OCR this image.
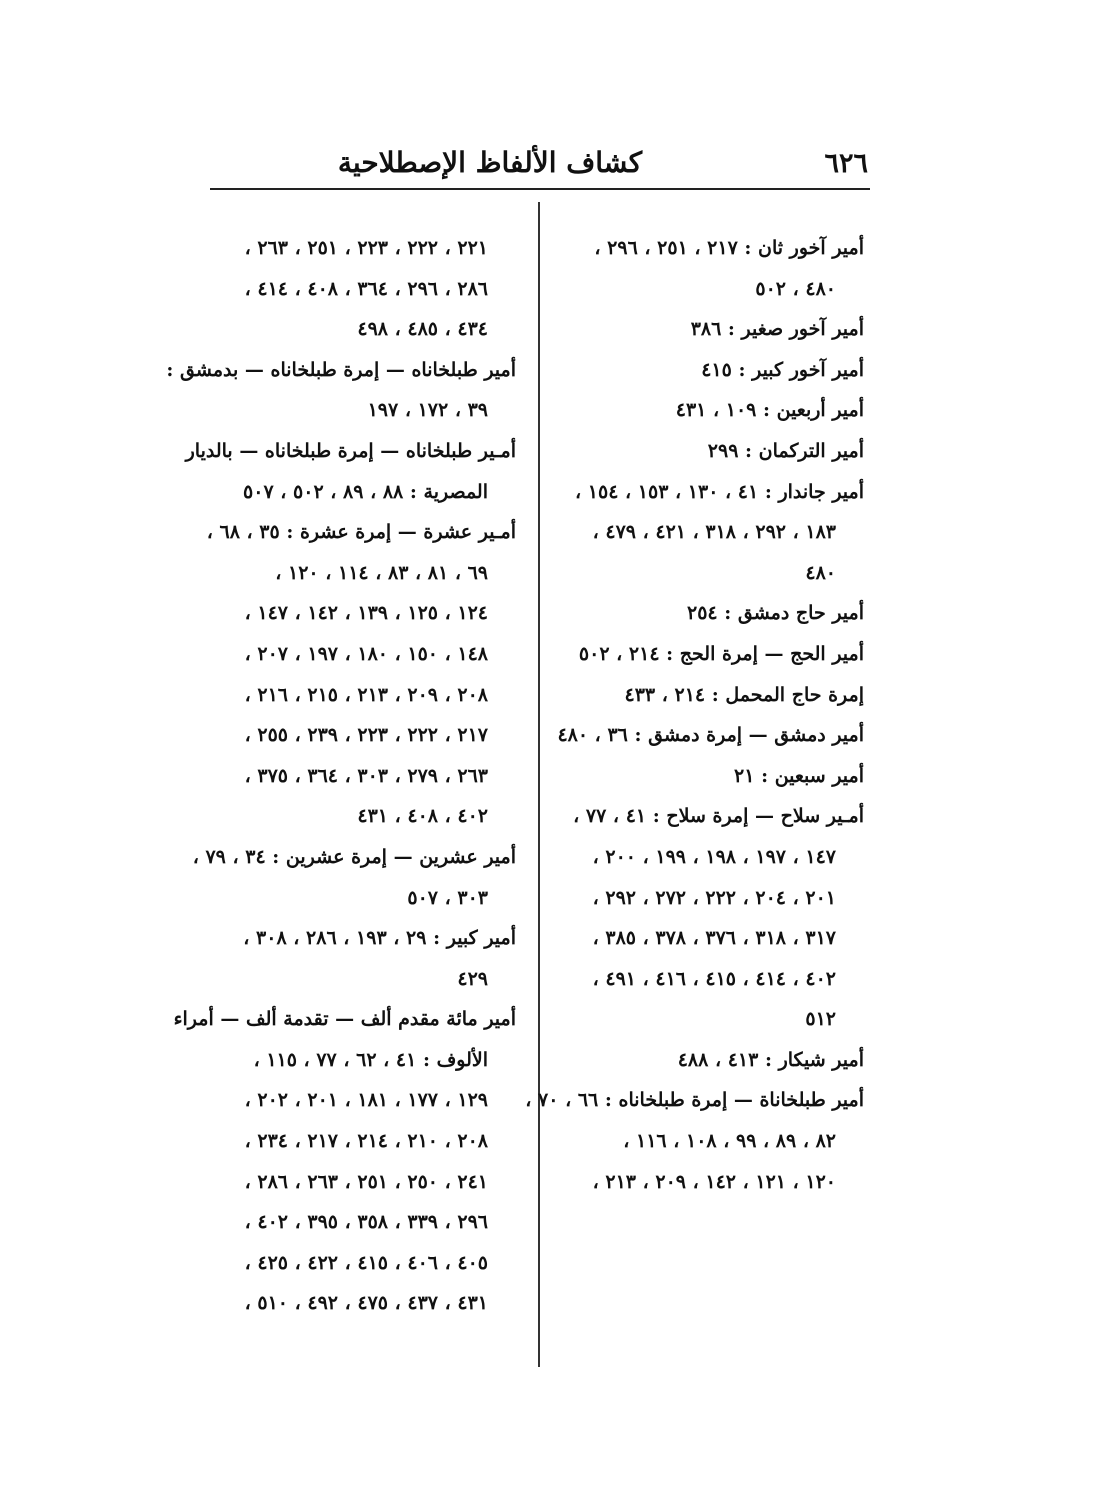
كشاف الألفاظ الإصطلاحية	٦٢٦
أمير آخور ثان : ٢١٧ ، ٢٥١ ، ٢٩٦ ،
٤٨٠ ، ٥٠٢
أمير آخور صغير : ٣٨٦
أمير آخور كبير : ٤١٥
أمير أربعين : ١٠٩ ، ٤٣١
أمير التركمان : ٢٩٩
أمير جاندار : ٤١ ، ١٣٠ ، ١٥٣ ، ١٥٤ ،
١٨٣ ، ٢٩٢ ، ٣١٨ ، ٤٢١ ، ٤٧٩ ،
٤٨٠
أمير حاج دمشق : ٢٥٤
أمير الحج — إمرة الحج : ٢١٤ ، ٥٠٢
إمرة حاج المحمل : ٢١٤ ، ٤٣٣
أمير دمشق — إمرة دمشق : ٣٦ ، ٤٨٠
أمير سبعين : ٢١
أمـير سلاح — إمرة سلاح : ٤١ ، ٧٧ ،
١٤٧ ، ١٩٧ ، ١٩٨ ، ١٩٩ ، ٢٠٠ ،
٢٠١ ، ٢٠٤ ، ٢٢٢ ، ٢٧٢ ، ٢٩٢ ،
٣١٧ ، ٣١٨ ، ٣٧٦ ، ٣٧٨ ، ٣٨٥ ،
٤٠٢ ، ٤١٤ ، ٤١٥ ، ٤١٦ ، ٤٩١ ،
٥١٢
أمير شيكار : ٤١٣ ، ٤٨٨
أمير طبلخاناة — إمرة طبلخاناه : ٦٦ ، ٧٠ ،
٨٢ ، ٨٩ ، ٩٩ ، ١٠٨ ، ١١٦ ،
١٢٠ ، ١٢١ ، ١٤٢ ، ٢٠٩ ، ٢١٣ ،
٢٢١ ، ٢٢٢ ، ٢٢٣ ، ٢٥١ ، ٢٦٣ ،
٢٨٦ ، ٢٩٦ ، ٣٦٤ ، ٤٠٨ ، ٤١٤ ،
٤٣٤ ، ٤٨٥ ، ٤٩٨
أمير طبلخاناه — إمرة طبلخاناه — بدمشق :
٣٩ ، ١٧٢ ، ١٩٧
أمـير طبلخاناه — إمرة طبلخاناه — بالديار
المصرية : ٨٨ ، ٨٩ ، ٥٠٢ ، ٥٠٧
أمـير عشرة — إمرة عشرة : ٣٥ ، ٦٨ ،
٦٩ ، ٨١ ، ٨٣ ، ١١٤ ، ١٢٠ ،
١٢٤ ، ١٢٥ ، ١٣٩ ، ١٤٢ ، ١٤٧ ،
١٤٨ ، ١٥٠ ، ١٨٠ ، ١٩٧ ، ٢٠٧ ،
٢٠٨ ، ٢٠٩ ، ٢١٣ ، ٢١٥ ، ٢١٦ ،
٢١٧ ، ٢٢٢ ، ٢٢٣ ، ٢٣٩ ، ٢٥٥ ،
٢٦٣ ، ٢٧٩ ، ٣٠٣ ، ٣٦٤ ، ٣٧٥ ،
٤٠٢ ، ٤٠٨ ، ٤٣١
أمير عشرين — إمرة عشرين : ٣٤ ، ٧٩ ،
٣٠٣ ، ٥٠٧
أمير كبير : ٢٩ ، ١٩٣ ، ٢٨٦ ، ٣٠٨ ،
٤٢٩
أمير مائة مقدم ألف — تقدمة ألف — أمراء
الألوف : ٤١ ، ٦٢ ، ٧٧ ، ١١٥ ،
١٢٩ ، ١٧٧ ، ١٨١ ، ٢٠١ ، ٢٠٢ ،
٢٠٨ ، ٢١٠ ، ٢١٤ ، ٢١٧ ، ٢٣٤ ،
٢٤١ ، ٢٥٠ ، ٢٥١ ، ٢٦٣ ، ٢٨٦ ،
٢٩٦ ، ٣٣٩ ، ٣٥٨ ، ٣٩٥ ، ٤٠٢ ،
٤٠٥ ، ٤٠٦ ، ٤١٥ ، ٤٢٢ ، ٤٢٥ ،
٤٣١ ، ٤٣٧ ، ٤٧٥ ، ٤٩٢ ، ٥١٠ ،
